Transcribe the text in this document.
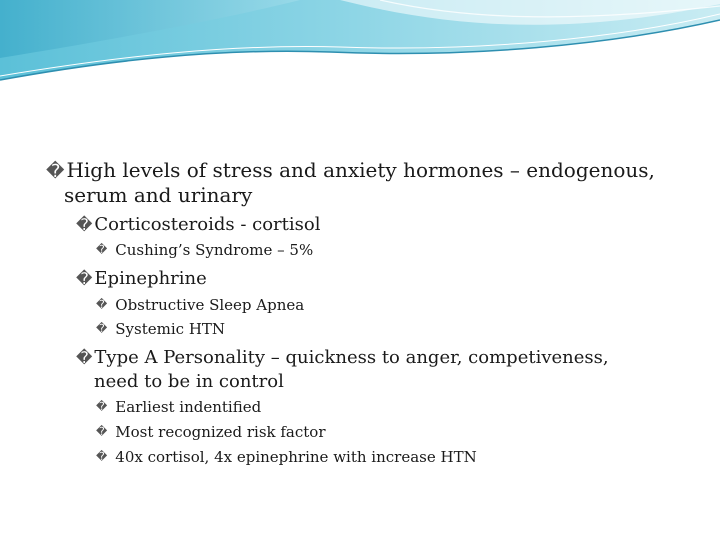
� High levels of stress and anxiety hormones – endogenous,
serum and urinary
� Corticosteroids - cortisol
� Cushing’s Syndrome – 5%
� Epinephrine
� Obstructive Sleep Apnea
� Systemic HTN
� Type A Personality – quickness to anger, competiveness,
need to be in control
� Earliest indentified
� Most recognized risk factor
� 40x cortisol, 4x epinephrine with increase HTN
